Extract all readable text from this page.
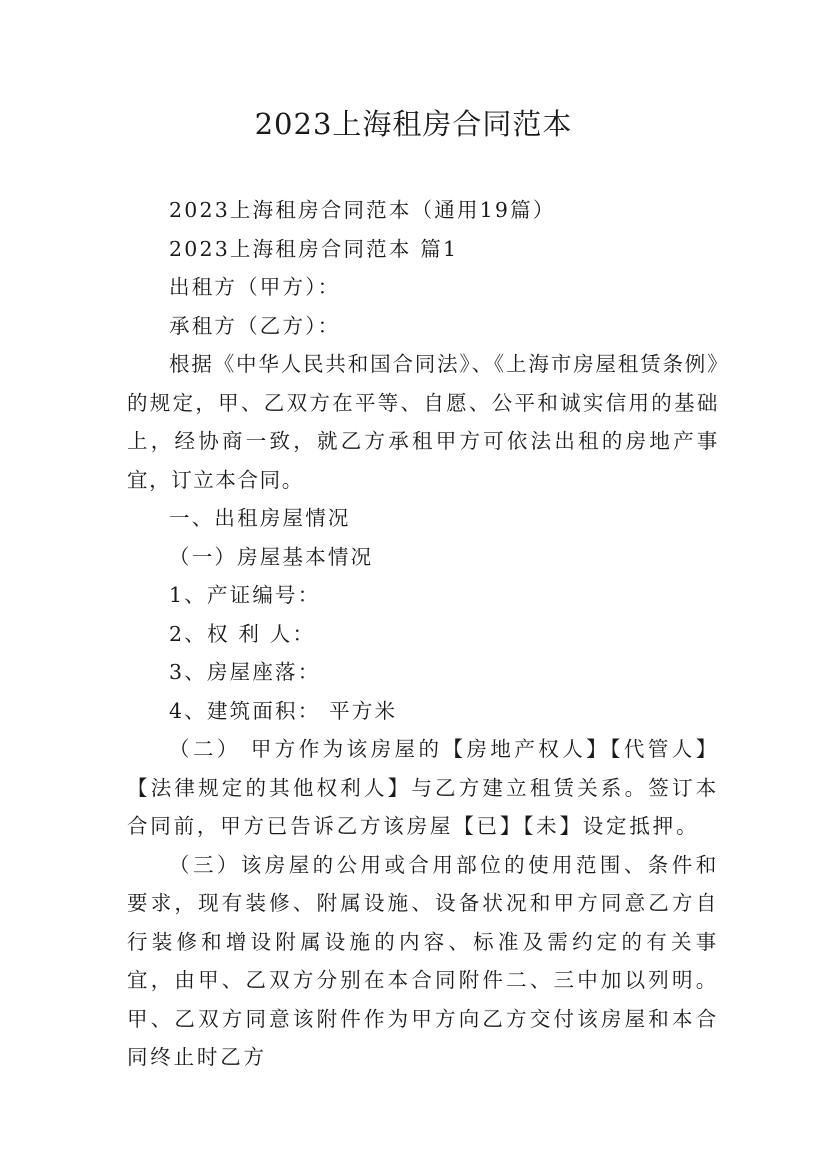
2023上海租房合同范本

2023上海租房合同范本（通用19篇）

2023上海租房合同范本 篇1

出租方（甲方）：

承租方（乙方）：

根据《中华人民共和国合同法》、《上海市房屋租赁条例》的规定，甲、乙双方在平等、自愿、公平和诚实信用的基础上，经协商一致，就乙方承租甲方可依法出租的房地产事宜，订立本合同。

一、出租房屋情况

（一）房屋基本情况

1、产证编号：

2、权 利 人：

3、房屋座落：

4、建筑面积： 平方米

（二） 甲方作为该房屋的【房地产权人】【代管人】【法律规定的其他权利人】与乙方建立租赁关系。签订本合同前，甲方已告诉乙方该房屋【已】【未】设定抵押。

（三）该房屋的公用或合用部位的使用范围、条件和要求，现有装修、附属设施、设备状况和甲方同意乙方自行装修和增设附属设施的内容、标准及需约定的有关事宜，由甲、乙双方分别在本合同附件二、三中加以列明。甲、乙双方同意该附件作为甲方向乙方交付该房屋和本合同终止时乙方
